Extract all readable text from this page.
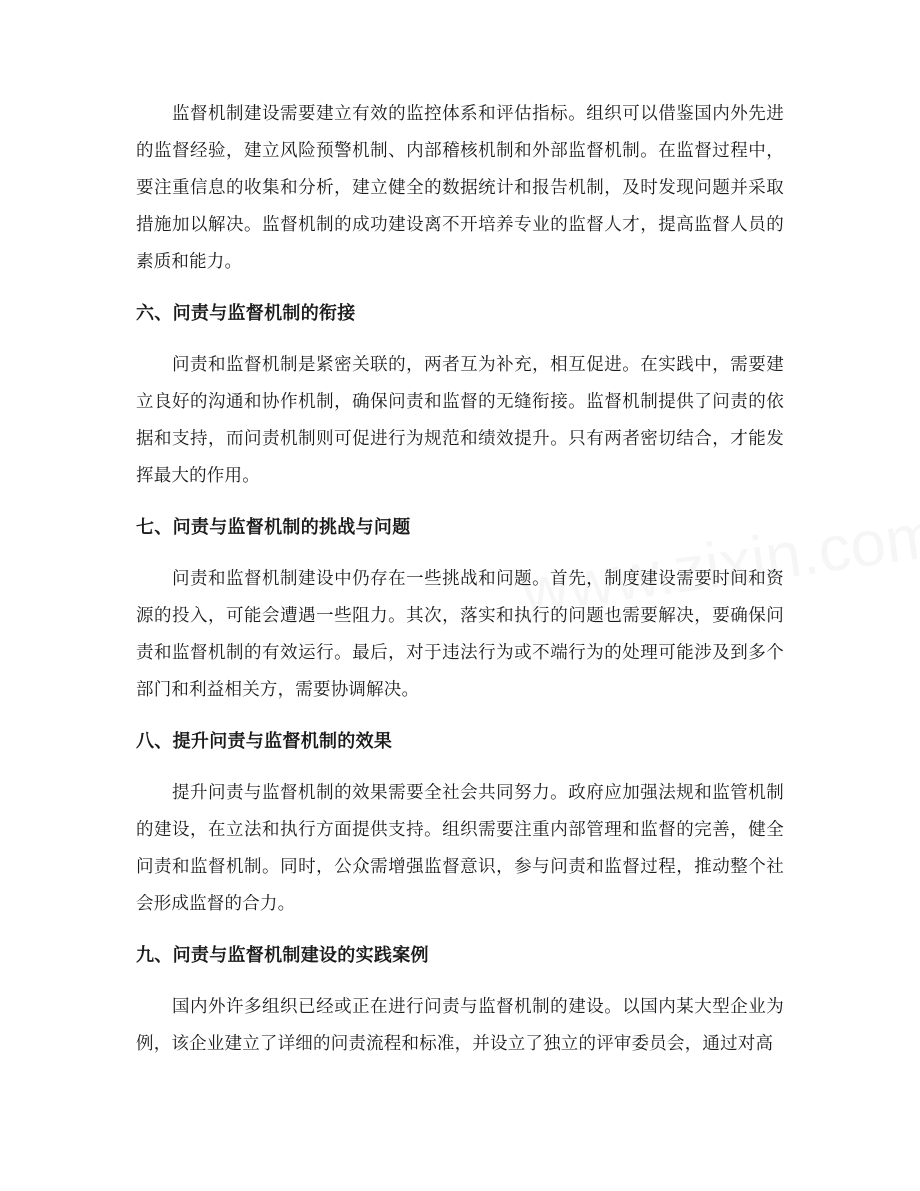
监督机制建设需要建立有效的监控体系和评估指标。组织可以借鉴国内外先进的监督经验，建立风险预警机制、内部稽核机制和外部监督机制。在监督过程中，要注重信息的收集和分析，建立健全的数据统计和报告机制，及时发现问题并采取措施加以解决。监督机制的成功建设离不开培养专业的监督人才，提高监督人员的素质和能力。

六、问责与监督机制的衔接

问责和监督机制是紧密关联的，两者互为补充，相互促进。在实践中，需要建立良好的沟通和协作机制，确保问责和监督的无缝衔接。监督机制提供了问责的依据和支持，而问责机制则可促进行为规范和绩效提升。只有两者密切结合，才能发挥最大的作用。

七、问责与监督机制的挑战与问题

问责和监督机制建设中仍存在一些挑战和问题。首先，制度建设需要时间和资源的投入，可能会遭遇一些阻力。其次，落实和执行的问题也需要解决，要确保问责和监督机制的有效运行。最后，对于违法行为或不端行为的处理可能涉及到多个部门和利益相关方，需要协调解决。

八、提升问责与监督机制的效果

提升问责与监督机制的效果需要全社会共同努力。政府应加强法规和监管机制的建设，在立法和执行方面提供支持。组织需要注重内部管理和监督的完善，健全问责和监督机制。同时，公众需增强监督意识，参与问责和监督过程，推动整个社会形成监督的合力。

九、问责与监督机制建设的实践案例

国内外许多组织已经或正在进行问责与监督机制的建设。以国内某大型企业为例，该企业建立了详细的问责流程和标准，并设立了独立的评审委员会，通过对高
